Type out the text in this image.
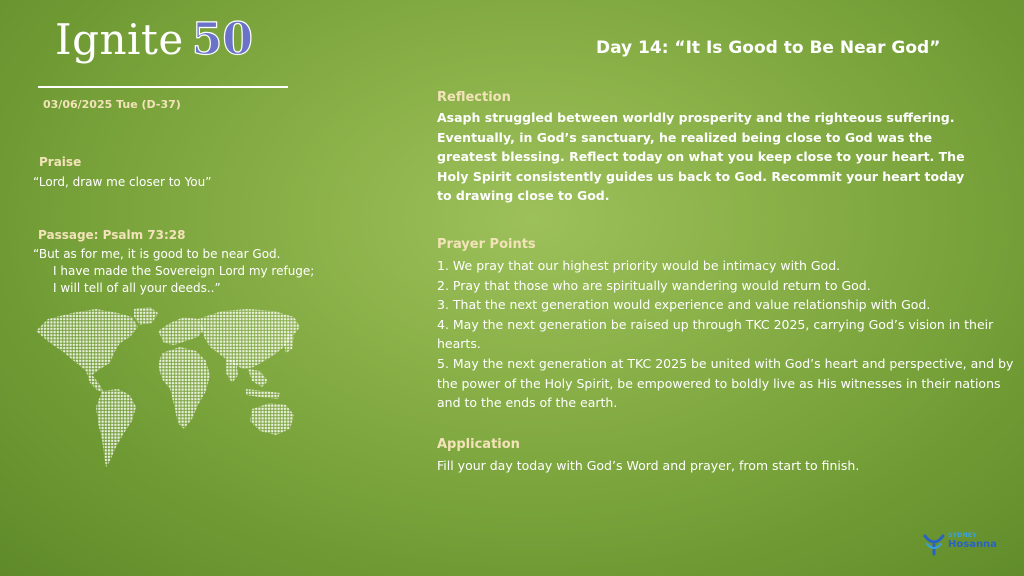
Ignite 50
03/06/2025 Tue (D-37)
Praise
“Lord, draw me closer to You”
Passage: Psalm 73:28
“But as for me, it is good to be near God.
I have made the Sovereign Lord my refuge;
I will tell of all your deeds..”
Day 14: “It Is Good to Be Near God”
Reflection
Asaph struggled between worldly prosperity and the righteous suffering. Eventually, in God’s sanctuary, he realized being close to God was the greatest blessing. Reflect today on what you keep close to your heart. The Holy Spirit consistently guides us back to God. Recommit your heart today to drawing close to God.
Prayer Points
1. We pray that our highest priority would be intimacy with God.
2. Pray that those who are spiritually wandering would return to God.
3. That the next generation would experience and value relationship with God.
4. May the next generation be raised up through TKC 2025, carrying God’s vision in their hearts.
5. May the next generation at TKC 2025 be united with God’s heart and perspective, and by the power of the Holy Spirit, be empowered to boldly live as His witnesses in their nations and to the ends of the earth.
Application
Fill your day today with God’s Word and prayer, from start to finish.
SYDNEY
Hosanna
